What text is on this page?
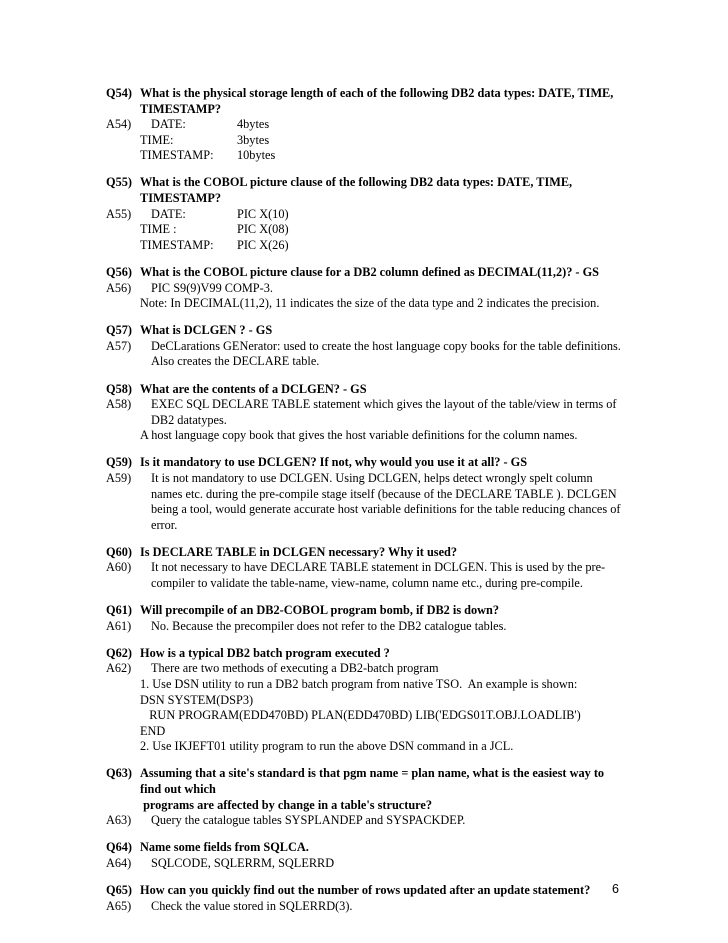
Q54) What is the physical storage length of each of the following DB2 data types: DATE, TIME, TIMESTAMP?
A54)	DATE:	4bytes
TIME:	3bytes
TIMESTAMP:	10bytes
Q55) What is the COBOL picture clause of the following DB2 data types: DATE, TIME, TIMESTAMP?
A55)	DATE:	PIC X(10)
TIME :	PIC X(08)
TIMESTAMP:	PIC X(26)
Q56) What is the COBOL picture clause for a DB2 column defined as DECIMAL(11,2)? - GS
A56)	PIC S9(9)V99 COMP-3.
Note: In DECIMAL(11,2), 11 indicates the size of the data type and 2 indicates the precision.
Q57) What is DCLGEN ? - GS
A57)	DeCLarations GENerator: used to create the host language copy books for the table definitions. Also creates the DECLARE table.
Q58) What are the contents of a DCLGEN? - GS
A58)	EXEC SQL DECLARE TABLE statement which gives the layout of the table/view in terms of DB2 datatypes.
A host language copy book that gives the host variable definitions for the column names.
Q59) Is it mandatory to use DCLGEN? If not, why would you use it at all? - GS
A59)	It is not mandatory to use DCLGEN. Using DCLGEN, helps detect wrongly spelt column names etc. during the pre-compile stage itself (because of the DECLARE TABLE ). DCLGEN being a tool, would generate accurate host variable definitions for the table reducing chances of error.
Q60) Is DECLARE TABLE in DCLGEN necessary? Why it used?
A60)	It not necessary to have DECLARE TABLE statement in DCLGEN. This is used by the pre-compiler to validate the table-name, view-name, column name etc., during pre-compile.
Q61) Will precompile of an DB2-COBOL program bomb, if DB2 is down?
A61)	No. Because the precompiler does not refer to the DB2 catalogue tables.
Q62) How is a typical DB2 batch program executed ?
A62)	There are two methods of executing a DB2-batch program
1. Use DSN utility to run a DB2 batch program from native TSO.  An example is shown:
DSN SYSTEM(DSP3)
RUN PROGRAM(EDD470BD) PLAN(EDD470BD) LIB('EDGS01T.OBJ.LOADLIB')
END
2. Use IKJEFT01 utility program to run the above DSN command in a JCL.
Q63) Assuming that a site's standard is that pgm name = plan name, what is the easiest way to find out which
programs are affected by change in a table's structure?
A63)	Query the catalogue tables SYSPLANDEP and SYSPACKDEP.
Q64) Name some fields from SQLCA.
A64)	SQLCODE, SQLERRM, SQLERRD
Q65) How can you quickly find out the number of rows updated after an update statement?
A65)	Check the value stored in SQLERRD(3).
6
